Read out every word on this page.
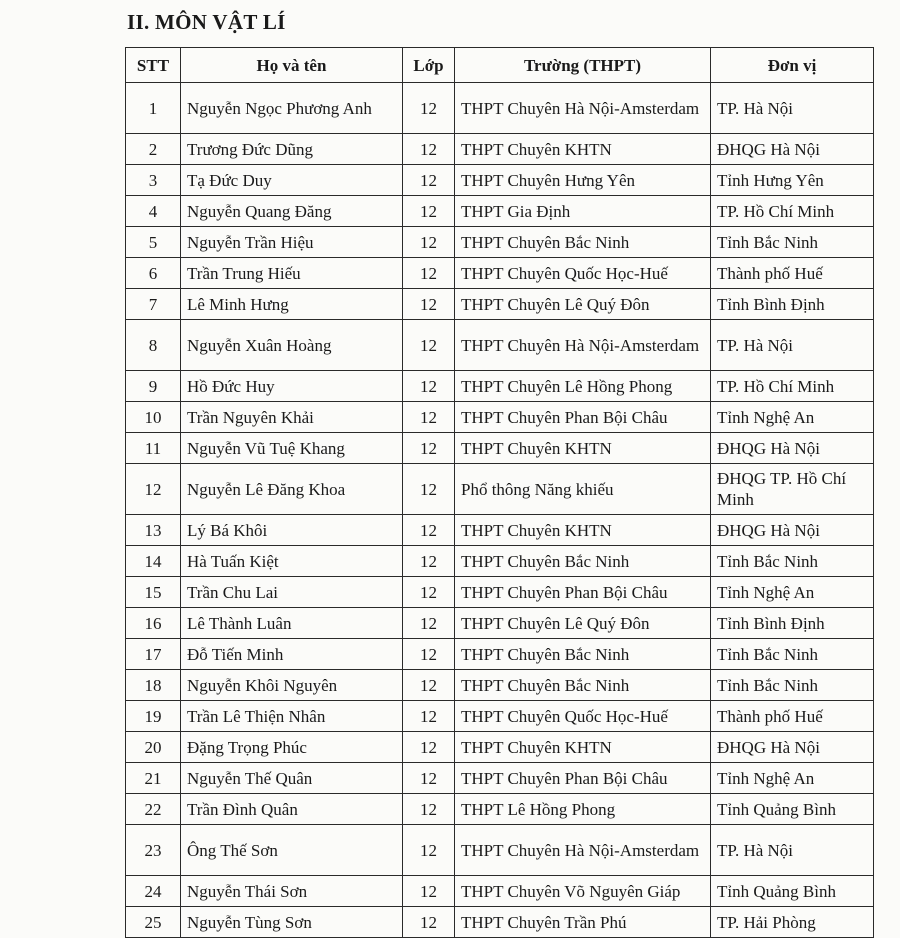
II. MÔN VẬT LÍ
STT	Họ và tên	Lớp	Trường (THPT)	Đơn vị
1	Nguyễn Ngọc Phương Anh	12	THPT Chuyên Hà Nội-Amsterdam	TP. Hà Nội
2	Trương Đức Dũng	12	THPT Chuyên KHTN	ĐHQG Hà Nội
3	Tạ Đức Duy	12	THPT Chuyên Hưng Yên	Tỉnh Hưng Yên
4	Nguyễn Quang Đăng	12	THPT Gia Định	TP. Hồ Chí Minh
5	Nguyễn Trần Hiệu	12	THPT Chuyên Bắc Ninh	Tỉnh Bắc Ninh
6	Trần Trung Hiếu	12	THPT Chuyên Quốc Học-Huế	Thành phố Huế
7	Lê Minh Hưng	12	THPT Chuyên Lê Quý Đôn	Tỉnh Bình Định
8	Nguyễn Xuân Hoàng	12	THPT Chuyên Hà Nội-Amsterdam	TP. Hà Nội
9	Hồ Đức Huy	12	THPT Chuyên Lê Hồng Phong	TP. Hồ Chí Minh
10	Trần Nguyên Khải	12	THPT Chuyên Phan Bội Châu	Tỉnh Nghệ An
11	Nguyễn Vũ Tuệ Khang	12	THPT Chuyên KHTN	ĐHQG Hà Nội
12	Nguyễn Lê Đăng Khoa	12	Phổ thông Năng khiếu	ĐHQG TP. Hồ Chí Minh
13	Lý Bá Khôi	12	THPT Chuyên KHTN	ĐHQG Hà Nội
14	Hà Tuấn Kiệt	12	THPT Chuyên Bắc Ninh	Tỉnh Bắc Ninh
15	Trần Chu Lai	12	THPT Chuyên Phan Bội Châu	Tỉnh Nghệ An
16	Lê Thành Luân	12	THPT Chuyên Lê Quý Đôn	Tỉnh Bình Định
17	Đỗ Tiến Minh	12	THPT Chuyên Bắc Ninh	Tỉnh Bắc Ninh
18	Nguyễn Khôi Nguyên	12	THPT Chuyên Bắc Ninh	Tỉnh Bắc Ninh
19	Trần Lê Thiện Nhân	12	THPT Chuyên Quốc Học-Huế	Thành phố Huế
20	Đặng Trọng Phúc	12	THPT Chuyên KHTN	ĐHQG Hà Nội
21	Nguyễn Thế Quân	12	THPT Chuyên Phan Bội Châu	Tỉnh Nghệ An
22	Trần Đình Quân	12	THPT Lê Hồng Phong	Tỉnh Quảng Bình
23	Ông Thế Sơn	12	THPT Chuyên Hà Nội-Amsterdam	TP. Hà Nội
24	Nguyễn Thái Sơn	12	THPT Chuyên Võ Nguyên Giáp	Tỉnh Quảng Bình
25	Nguyễn Tùng Sơn	12	THPT Chuyên Trần Phú	TP. Hải Phòng
